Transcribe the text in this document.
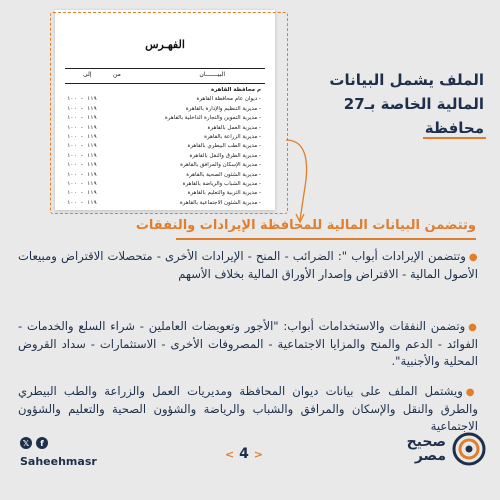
الفهـرس
البيـــــــان
من
إلى
م محافظة القاهرة
- ديوان عام محافظة القاهرة
١١٩ - ١٠٠
- مديرية التنظيم والإدارة بالقاهرة
١١٩ - ١٠٠
- مديرية التموين والتجارة الداخلية بالقاهرة
١١٩ - ١٠٠
- مديرية العمل بالقاهرة
١١٩ - ١٠٠
- مديرية الزراعة بالقاهرة
١١٩ - ١٠٠
- مديرية الطب البيطري بالقاهرة
١١٩ - ١٠٠
- مديرية الطرق والنقل بالقاهرة
١١٩ - ١٠٠
- مديرية الإسكان والمرافق بالقاهرة
١١٩ - ١٠٠
- مديرية الشئون الصحية بالقاهرة
١١٩ - ١٠٠
- مديرية الشباب والرياضة بالقاهرة
١١٩ - ١٠٠
- مديرية التربية والتعليم بالقاهرة
١١٩ - ١٠٠
- مديرية الشئون الاجتماعية بالقاهرة
١١٩ - ١٠٠
الملف يشمل البيانات
المالية الخاصة بـ27
محافظة
وتتضمن البيانات المالية للمحافظة الإيرادات والنفقات
●وتتضمن الإيرادات أبواب ": الضرائب - المنح - الإيرادات الأخرى - متحصلات الاقتراض ومبيعات الأصول المالية - الاقتراض وإصدار الأوراق المالية بخلاف الأسهم
●وتضمن النفقات والاستخدامات أبواب: "الأجور وتعويضات العاملين - شراء السلع والخدمات - الفوائد - الدعم والمنح والمزايا الاجتماعية - المصروفات الأخرى - الاستثمارات - سداد القروض المحلية والأجنبية".
●ويشتمل الملف على بيانات ديوان المحافظة ومديريات العمل والزراعة والطب البيطري والطرق والنقل والإسكان والمرافق والشباب والرياضة والشؤون الصحية والتعليم والشؤون الاجتماعية
𝕏	f
Saheehmasr
< 4 >
صحيح
مصر
